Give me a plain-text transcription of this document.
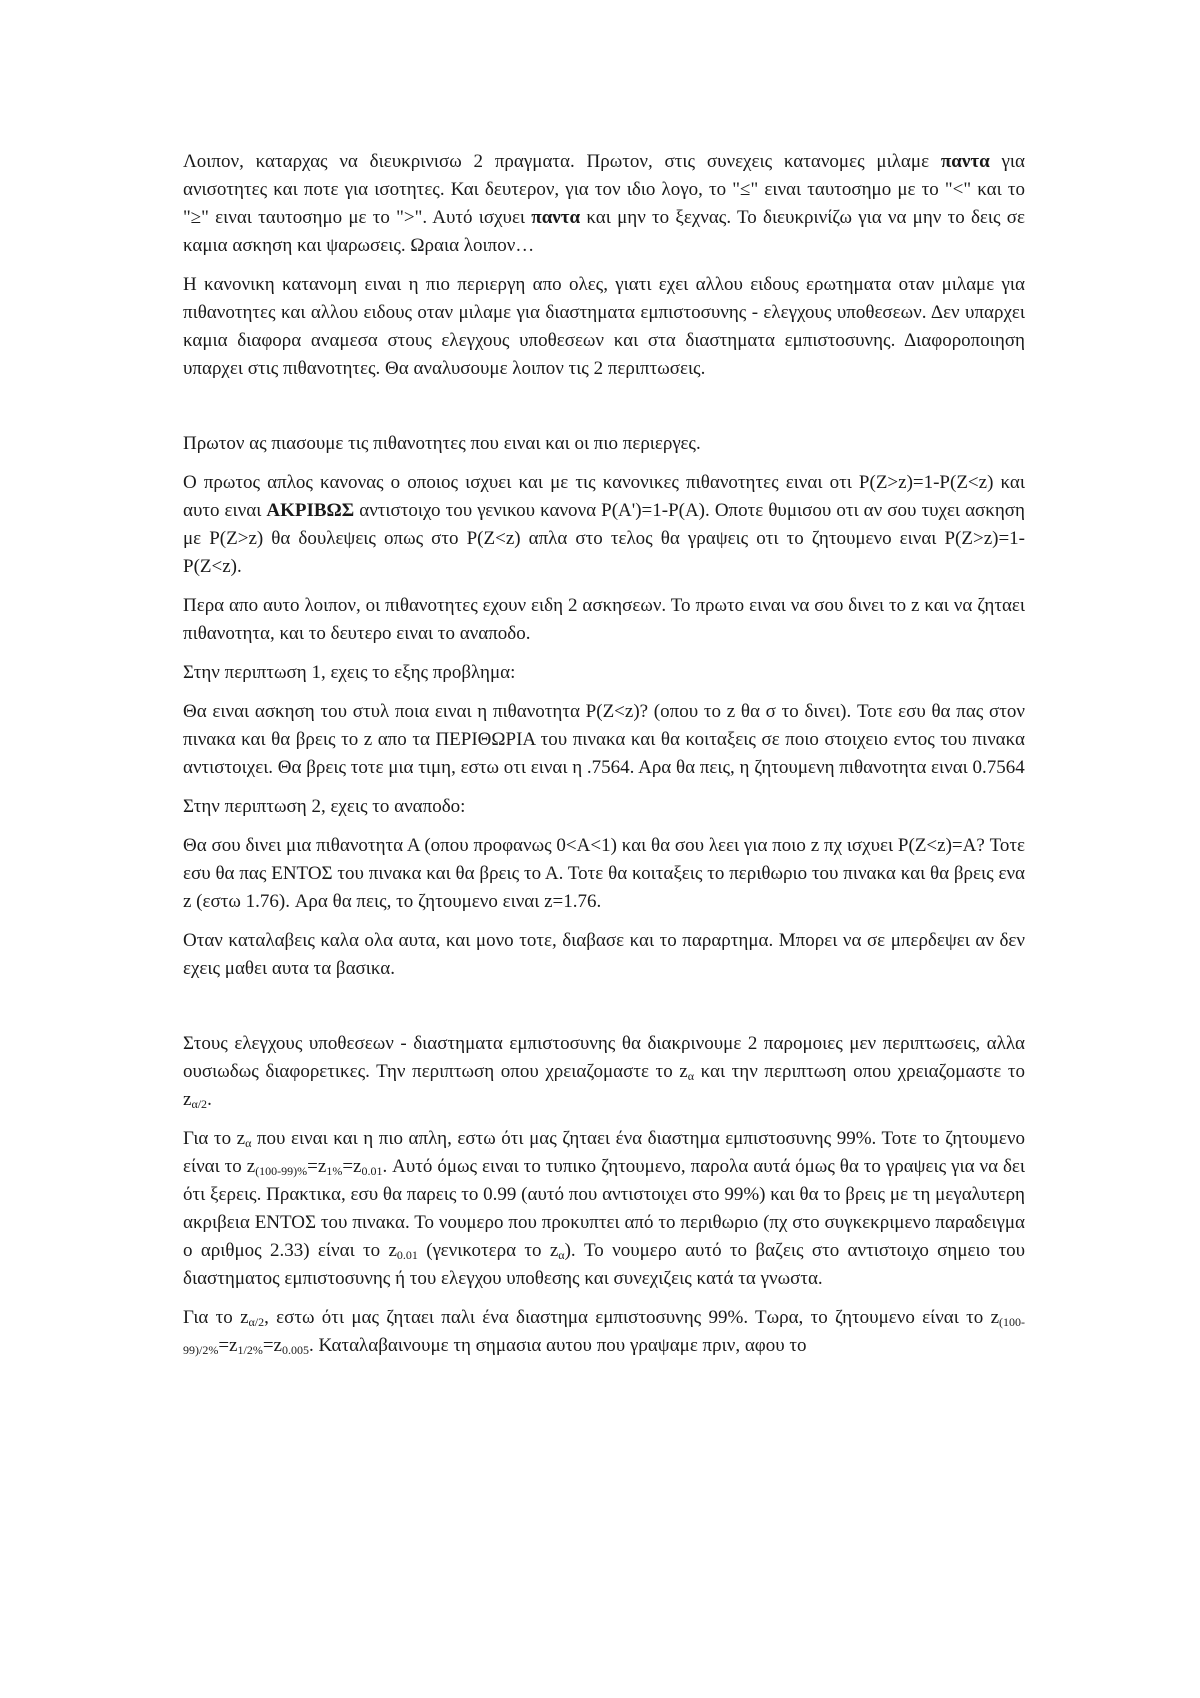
Λοιπον, καταρχας να διευκρινισω 2 πραγματα. Πρωτον, στις συνεχεις κατανομες μιλαμε παντα για ανισοτητες και ποτε για ισοτητες. Και δευτερον, για τον ιδιο λογο, το "≤" ειναι ταυτοσημο με το "<" και το "≥" ειναι ταυτοσημο με το ">". Αυτό ισχυει παντα και μην το ξεχνας. Το διευκρινίζω για να μην το δεις σε καμια ασκηση και ψαρωσεις. Ωραια λοιπον…

Η κανονικη κατανομη ειναι η πιο περιεργη απο ολες, γιατι εχει αλλου ειδους ερωτηματα οταν μιλαμε για πιθανοτητες και αλλου ειδους οταν μιλαμε για διαστηματα εμπιστοσυνης - ελεγχους υποθεσεων. Δεν υπαρχει καμια διαφορα αναμεσα στους ελεγχους υποθεσεων και στα διαστηματα εμπιστοσυνης. Διαφοροποιηση υπαρχει στις πιθανοτητες. Θα αναλυσουμε λοιπον τις 2 περιπτωσεις.

Πρωτον ας πιασουμε τις πιθανοτητες που ειναι και οι πιο περιεργες.

Ο πρωτος απλος κανονας ο οποιος ισχυει και με τις κανονικες πιθανοτητες ειναι οτι P(Z>z)=1-P(Z<z) και αυτο ειναι ΑΚΡΙΒΩΣ αντιστοιχο του γενικου κανονα P(A')=1-P(A). Οποτε θυμισου οτι αν σου τυχει ασκηση με P(Z>z) θα δουλεψεις οπως στο P(Z<z) απλα στο τελος θα γραψεις οτι το ζητουμενο ειναι P(Z>z)=1-P(Z<z).

Περα απο αυτο λοιπον, οι πιθανοτητες εχουν ειδη 2 ασκησεων. Το πρωτο ειναι να σου δινει το z και να ζηταει πιθανοτητα, και το δευτερο ειναι το αναποδο.

Στην περιπτωση 1, εχεις το εξης προβλημα:

Θα ειναι ασκηση του στυλ ποια ειναι η πιθανοτητα P(Z<z)? (οπου το z θα σ το δινει). Τοτε εσυ θα πας στον πινακα και θα βρεις το z απο τα ΠΕΡΙΘΩΡΙΑ του πινακα και θα κοιταξεις σε ποιο στοιχειο εντος του πινακα αντιστοιχει. Θα βρεις τοτε μια τιμη, εστω οτι ειναι η .7564. Αρα θα πεις, η ζητουμενη πιθανοτητα ειναι 0.7564

Στην περιπτωση 2, εχεις το αναποδο:

Θα σου δινει μια πιθανοτητα Α (οπου προφανως 0<A<1) και θα σου λεει για ποιο z πχ ισχυει P(Z<z)=A? Τοτε εσυ θα πας ΕΝΤΟΣ του πινακα και θα βρεις το Α. Τοτε θα κοιταξεις το περιθωριο του πινακα και θα βρεις ενα z (εστω 1.76). Αρα θα πεις, το ζητουμενο ειναι z=1.76.

Οταν καταλαβεις καλα ολα αυτα, και μονο τοτε, διαβασε και το παραρτημα. Μπορει να σε μπερδεψει αν δεν εχεις μαθει αυτα τα βασικα.

Στους ελεγχους υποθεσεων - διαστηματα εμπιστοσυνης θα διακρινουμε 2 παρομοιες μεν περιπτωσεις, αλλα ουσιωδως διαφορετικες. Την περιπτωση οπου χρειαζομαστε το $z_\alpha$ και την περιπτωση οπου χρειαζομαστε το $z_{\alpha/2}$.

Για το $z_\alpha$ που ειναι και η πιο απλη, εστω ότι μας ζηταει ένα διαστημα εμπιστοσυνης 99%. Τοτε το ζητουμενο είναι το $z_{(100-99)\%}=z_{1\%}=z_{0.01}$. Αυτό όμως ειναι το τυπικο ζητουμενο, παρολα αυτά όμως θα το γραψεις για να δει ότι ξερεις. Πρακτικα, εσυ θα παρεις το 0.99 (αυτό που αντιστοιχει στο 99%) και θα το βρεις με τη μεγαλυτερη ακριβεια ΕΝΤΟΣ του πινακα. Το νουμερο που προκυπτει από το περιθωριο (πχ στο συγκεκριμενο παραδειγμα ο αριθμος 2.33) είναι το $z_{0.01}$ (γενικοτερα το $z_\alpha$). Το νουμερο αυτό το βαζεις στο αντιστοιχο σημειο του διαστηματος εμπιστοσυνης ή του ελεγχου υποθεσης και συνεχιζεις κατά τα γνωστα.

Για το $z_{\alpha/2}$, εστω ότι μας ζηταει παλι ένα διαστημα εμπιστοσυνης 99%. Τωρα, το ζητουμενο είναι το $z_{(100-99)/2\%}=z_{1/2\%}=z_{0.005}$. Καταλαβαινουμε τη σημασια αυτου που γραψαμε πριν, αφου το
